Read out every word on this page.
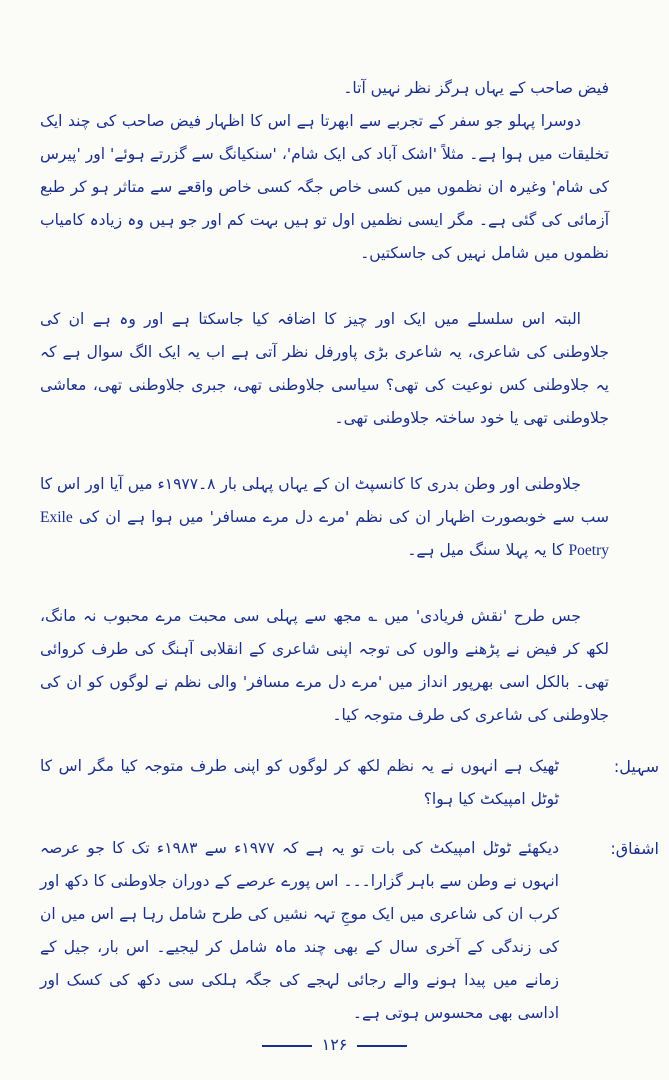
فیض صاحب کے یہاں ہرگز نظر نہیں آتا۔

دوسرا پہلو جو سفر کے تجربے سے ابھرتا ہے اس کا اظہار فیض صاحب کی چند ایک تخلیقات میں ہوا ہے۔ مثلاً 'اشک آباد کی ایک شام'، 'سنکیانگ سے گزرتے ہوئے' اور 'پیرس کی شام' وغیرہ ان نظموں میں کسی خاص جگہ کسی خاص واقعے سے متاثر ہو کر طبع آزمائی کی گئی ہے۔ مگر ایسی نظمیں اول تو ہیں بہت کم اور جو ہیں وہ زیادہ کامیاب نظموں میں شامل نہیں کی جاسکتیں۔

البتہ اس سلسلے میں ایک اور چیز کا اضافہ کیا جاسکتا ہے اور وہ ہے ان کی جلاوطنی کی شاعری، یہ شاعری بڑی پاورفل نظر آتی ہے اب یہ ایک الگ سوال ہے کہ یہ جلاوطنی کس نوعیت کی تھی؟ سیاسی جلاوطنی تھی، جبری جلاوطنی تھی، معاشی جلاوطنی تھی یا خود ساختہ جلاوطنی تھی۔

جلاوطنی اور وطن بدری کا کانسپٹ ان کے یہاں پہلی بار ۸۔۱۹۷۷ء میں آیا اور اس کا سب سے خوبصورت اظہار ان کی نظم 'مرے دل مرے مسافر' میں ہوا ہے ان کی Exile Poetry کا یہ پہلا سنگ میل ہے۔

جس طرح 'نقش فریادی' میں ؎ مجھ سے پہلی سی محبت مرے محبوب نہ مانگ، لکھ کر فیض نے پڑھنے والوں کی توجہ اپنی شاعری کے انقلابی آہنگ کی طرف کروائی تھی۔ بالکل اسی بھرپور انداز میں 'مرے دل مرے مسافر' والی نظم نے لوگوں کو ان کی جلاوطنی کی شاعری کی طرف متوجہ کیا۔

سہیل:
ٹھیک ہے انہوں نے یہ نظم لکھ کر لوگوں کو اپنی طرف متوجہ کیا مگر اس کا ٹوٹل امپیکٹ کیا ہوا؟
اشفاق:
دیکھئے ٹوٹل امپیکٹ کی بات تو یہ ہے کہ ۱۹۷۷ء سے ۱۹۸۳ء تک کا جو عرصہ انہوں نے وطن سے باہر گزارا۔۔۔ اس پورے عرصے کے دوران جلاوطنی کا دکھ اور کرب ان کی شاعری میں ایک موجِ تہہ نشیں کی طرح شامل رہا ہے اس میں ان کی زندگی کے آخری سال کے بھی چند ماہ شامل کر لیجیے۔ اس بار، جیل کے زمانے میں پیدا ہونے والے رجائی لہجے کی جگہ ہلکی سی دکھ کی کسک اور اداسی بھی محسوس ہوتی ہے۔
۱۲۶
